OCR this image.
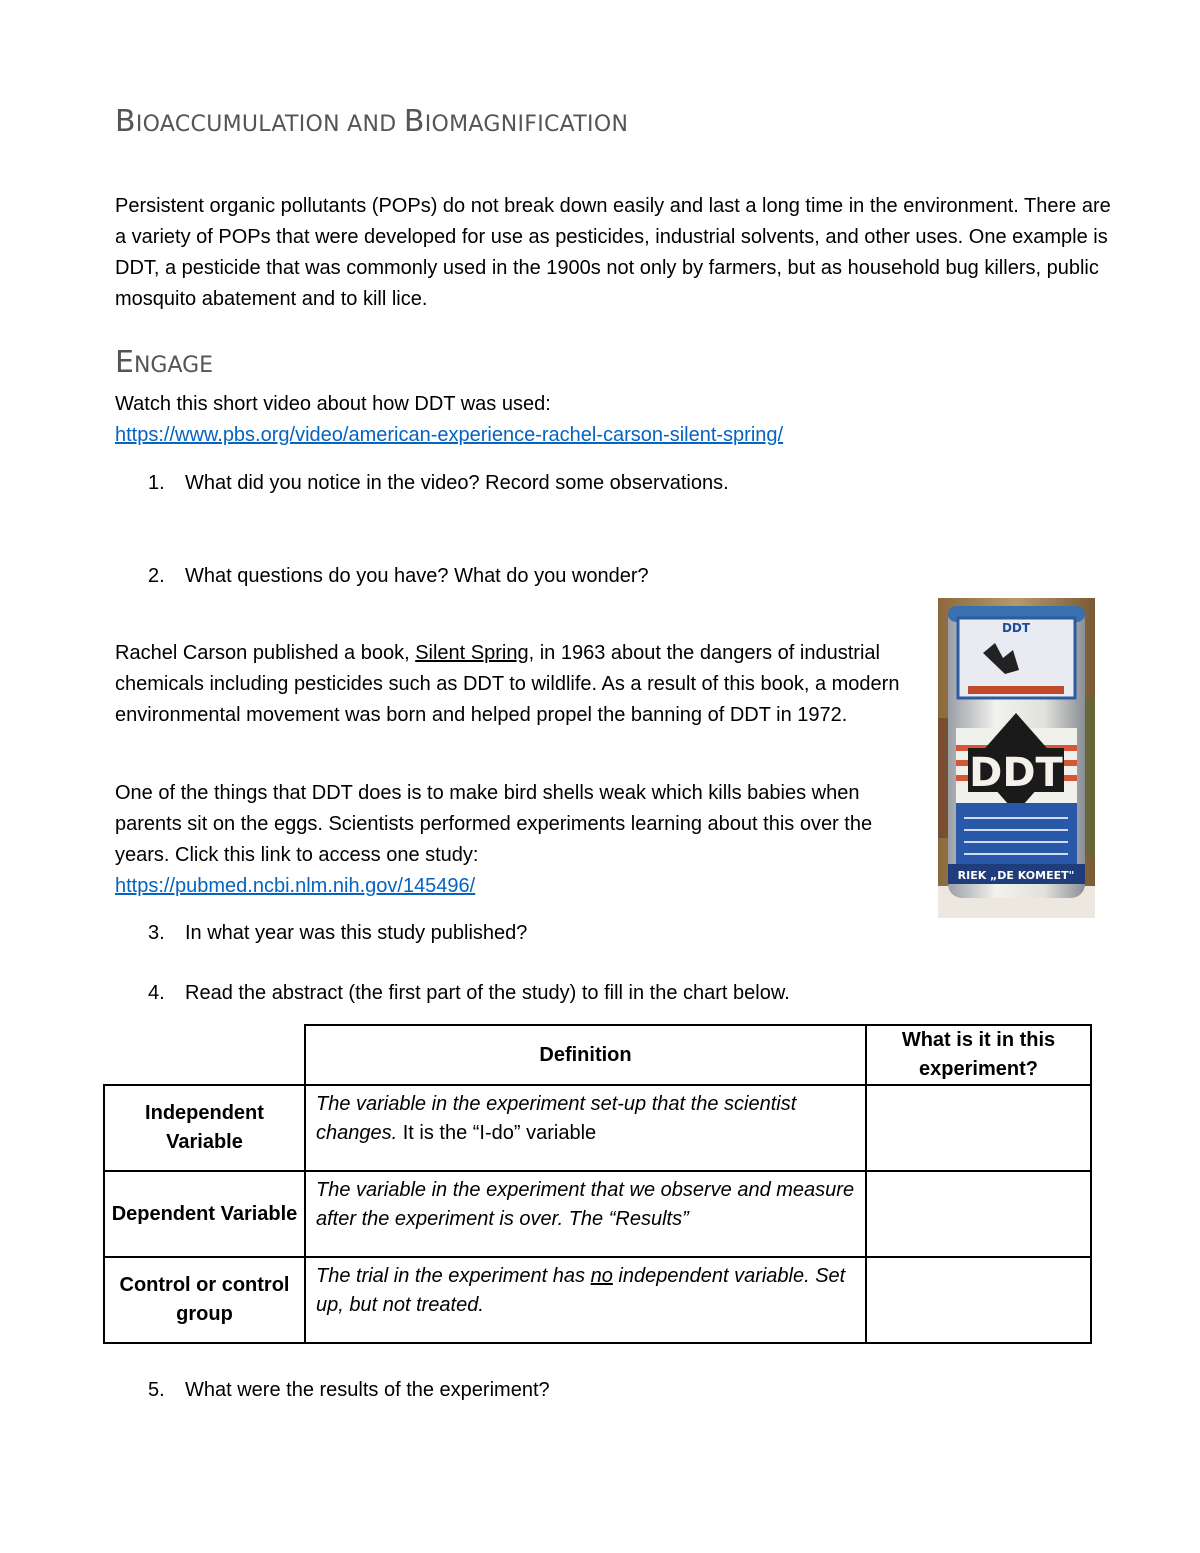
BIOACCUMULATION AND BIOMAGNIFICATION
Persistent organic pollutants (POPs) do not break down easily and last a long time in the environment. There are a variety of POPs that were developed for use as pesticides, industrial solvents, and other uses. One example is DDT, a pesticide that was commonly used in the 1900s not only by farmers, but as household bug killers, public mosquito abatement and to kill lice.
ENGAGE
Watch this short video about how DDT was used:
https://www.pbs.org/video/american-experience-rachel-carson-silent-spring/
1.	What did you notice in the video? Record some observations.
2.	What questions do you have? What do you wonder?
Rachel Carson published a book, Silent Spring, in 1963 about the dangers of industrial chemicals including pesticides such as DDT to wildlife. As a result of this book, a modern environmental movement was born and helped propel the banning of DDT in 1972.
One of the things that DDT does is to make bird shells weak which kills babies when parents sit on the eggs. Scientists performed experiments learning about this over the years. Click this link to access one study:
https://pubmed.ncbi.nlm.nih.gov/145496/
DDT
DDT
RIEK „DE KOMEET"
3.	In what year was this study published?
4.	Read the abstract (the first part of the study) to fill in the chart below.
	Definition	What is it in this experiment?
Independent Variable	The variable in the experiment set-up that the scientist changes. It is the “I-do” variable	
Dependent Variable	The variable in the experiment that we observe and measure after the experiment is over. The “Results”	
Control or control group	The trial in the experiment has no independent variable. Set up, but not treated.	
5.	What were the results of the experiment?
